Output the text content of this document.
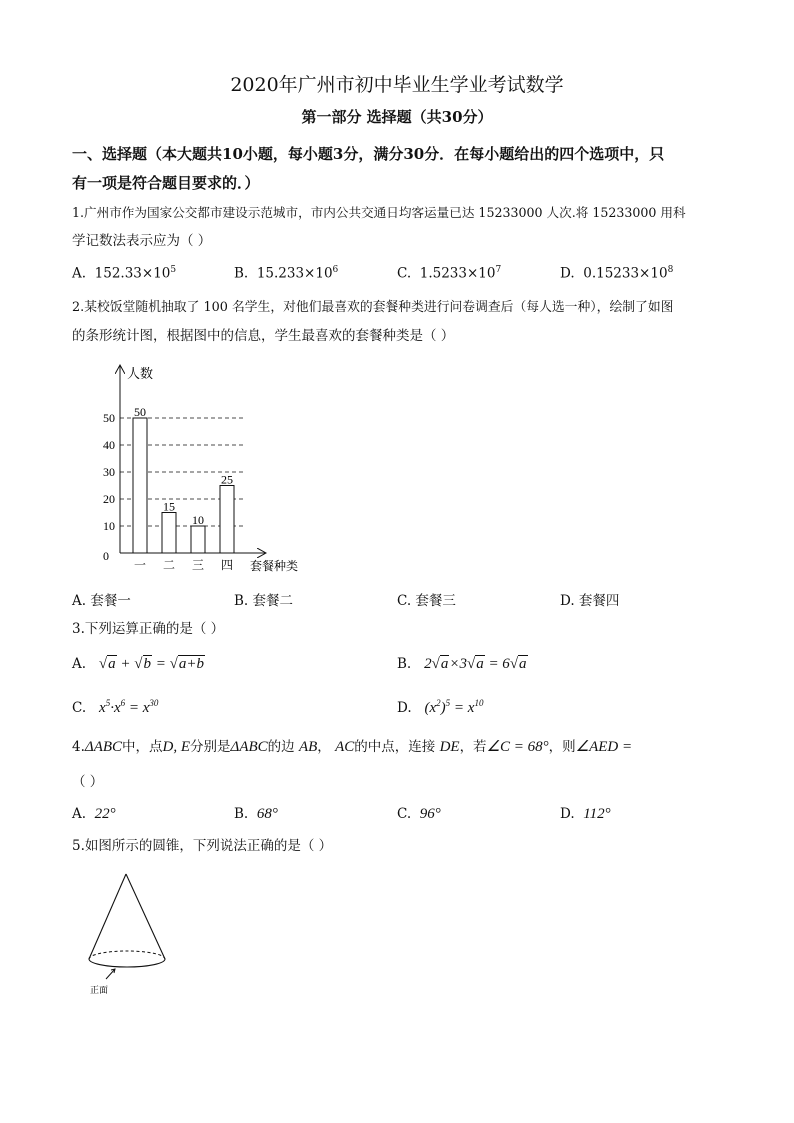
2020年广州市初中毕业生学业考试数学
第一部分 选择题（共30分）
一、选择题（本大题共10小题，每小题3分，满分30分．在每小题给出的四个选项中，只
有一项是符合题目要求的．）
1.广州市作为国家公交都市建设示范城市，市内公共交通日均客运量已达 15233000 人次.将 15233000 用科
学记数法表示应为（ ）
A. $152.33\times 10^5$	B. $15.233\times 10^6$	C. $1.5233\times 10^7$	D. $0.15233\times 10^8$
2.某校饭堂随机抽取了 100 名学生，对他们最喜欢的套餐种类进行问卷调查后（每人选一种），绘制了如图
的条形统计图，根据图中的信息，学生最喜欢的套餐种类是（ ）
人数
套餐种类
50
15
10
25
0
10
20
30
40
50
一 二 三 四
A. 套餐一	B. 套餐二	C. 套餐三	D. 套餐四
3.下列运算正确的是（ ）
A. √a + √b = √a+b	B. 2√a×3√a = 6√a
C. $x^5\cdot x^6 = x^{30}$	D. $(x^2)^5 = x^{10}$
4.ΔABC中，点D, E分别是ΔABC的边 AB， AC的中点，连接 DE，若∠C = 68°，则∠AED =
（ ）
A. 22°	B. 68°	C. 96°	D. 112°
5.如图所示的圆锥，下列说法正确的是（ ）
正面
